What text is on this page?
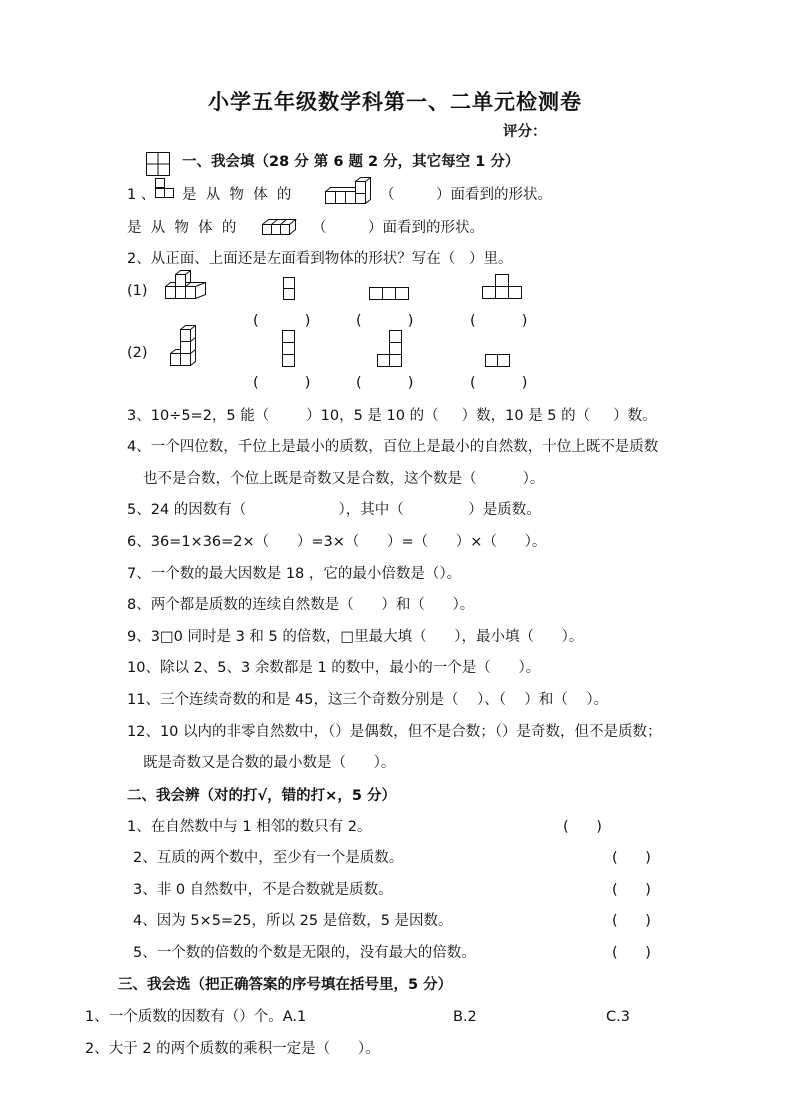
小学五年级数学科第一、二单元检测卷
评分：
一、我会填（28 分 第 6 题 2 分，其它每空 1 分）
1 、 是  从  物  体  的	（         ）面看到的形状。
是  从  物  体  的	（         ）面看到的形状。
2、从正面、上面还是左面看到物体的形状？写在（   ）里。
(1)
(          )	(          )	(          )
(2)
(          )	(          )	(          )
3、10÷5=2，5 能（        ）10，5 是 10 的（     ）数，10 是 5 的（     ）数。
4、一个四位数，千位上是最小的质数，百位上是最小的自然数，十位上既不是质数
也不是合数，个位上既是奇数又是合数，这个数是（          ）。
5、24 的因数有（                    ），其中（              ）是质数。
6、36=1×36=2×（      ）=3×（      ）=（      ）×（      ）。
7、一个数的最大因数是 18 ，它的最小倍数是（）。
8、两个都是质数的连续自然数是（      ）和（      ）。
9、3□0 同时是 3 和 5 的倍数，□里最大填（      ），最小填（      ）。
10、除以 2、5、3 余数都是 1 的数中，最小的一个是（      ）。
11、三个连续奇数的和是 45，这三个奇数分别是（    ）、（    ）和（    ）。
12、10 以内的非零自然数中，（）是偶数，但不是合数；（）是奇数，但不是质数；
既是奇数又是合数的最小数是（      ）。
二、我会辨（对的打√，错的打×，5 分）
1、在自然数中与 1 相邻的数只有 2。	(      )
2、互质的两个数中，至少有一个是质数。	(      )
3、非 0 自然数中，不是合数就是质数。	(      )
4、因为 5×5=25，所以 25 是倍数，5 是因数。	(      )
5、一个数的倍数的个数是无限的，没有最大的倍数。	(      )
三、我会选（把正确答案的序号填在括号里，5 分）
1、一个质数的因数有（）个。A.1	B.2	C.3
2、大于 2 的两个质数的乘积一定是（      ）。
